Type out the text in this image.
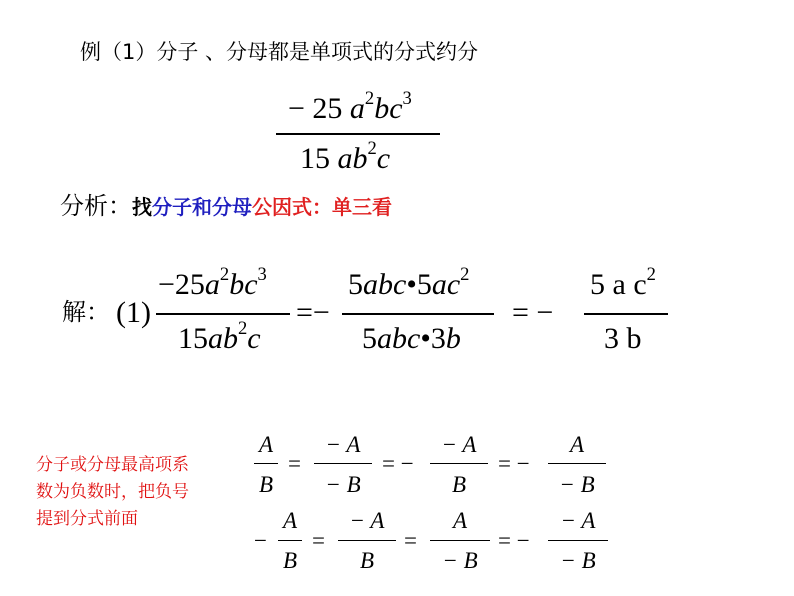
例（1）分子 、分母都是单项式的分式约分
− 25 $a^2bc^3$
15 $ab^2c$
分析：找分子和分母公因式：单三看
解： (1)
$-25a^2bc^3$
$15ab^2c$
=−
$5abc•5ac^2$
5abc•3b
= −
5 a $c^2$
3 b
分子或分母最高项系
数为负数时，把负号
提到分式前面
A
B
=
− A
− B
= −
− A
B
= −
A
− B
−
A
B
=
− A
B
=
A
− B
= −
− A
− B
